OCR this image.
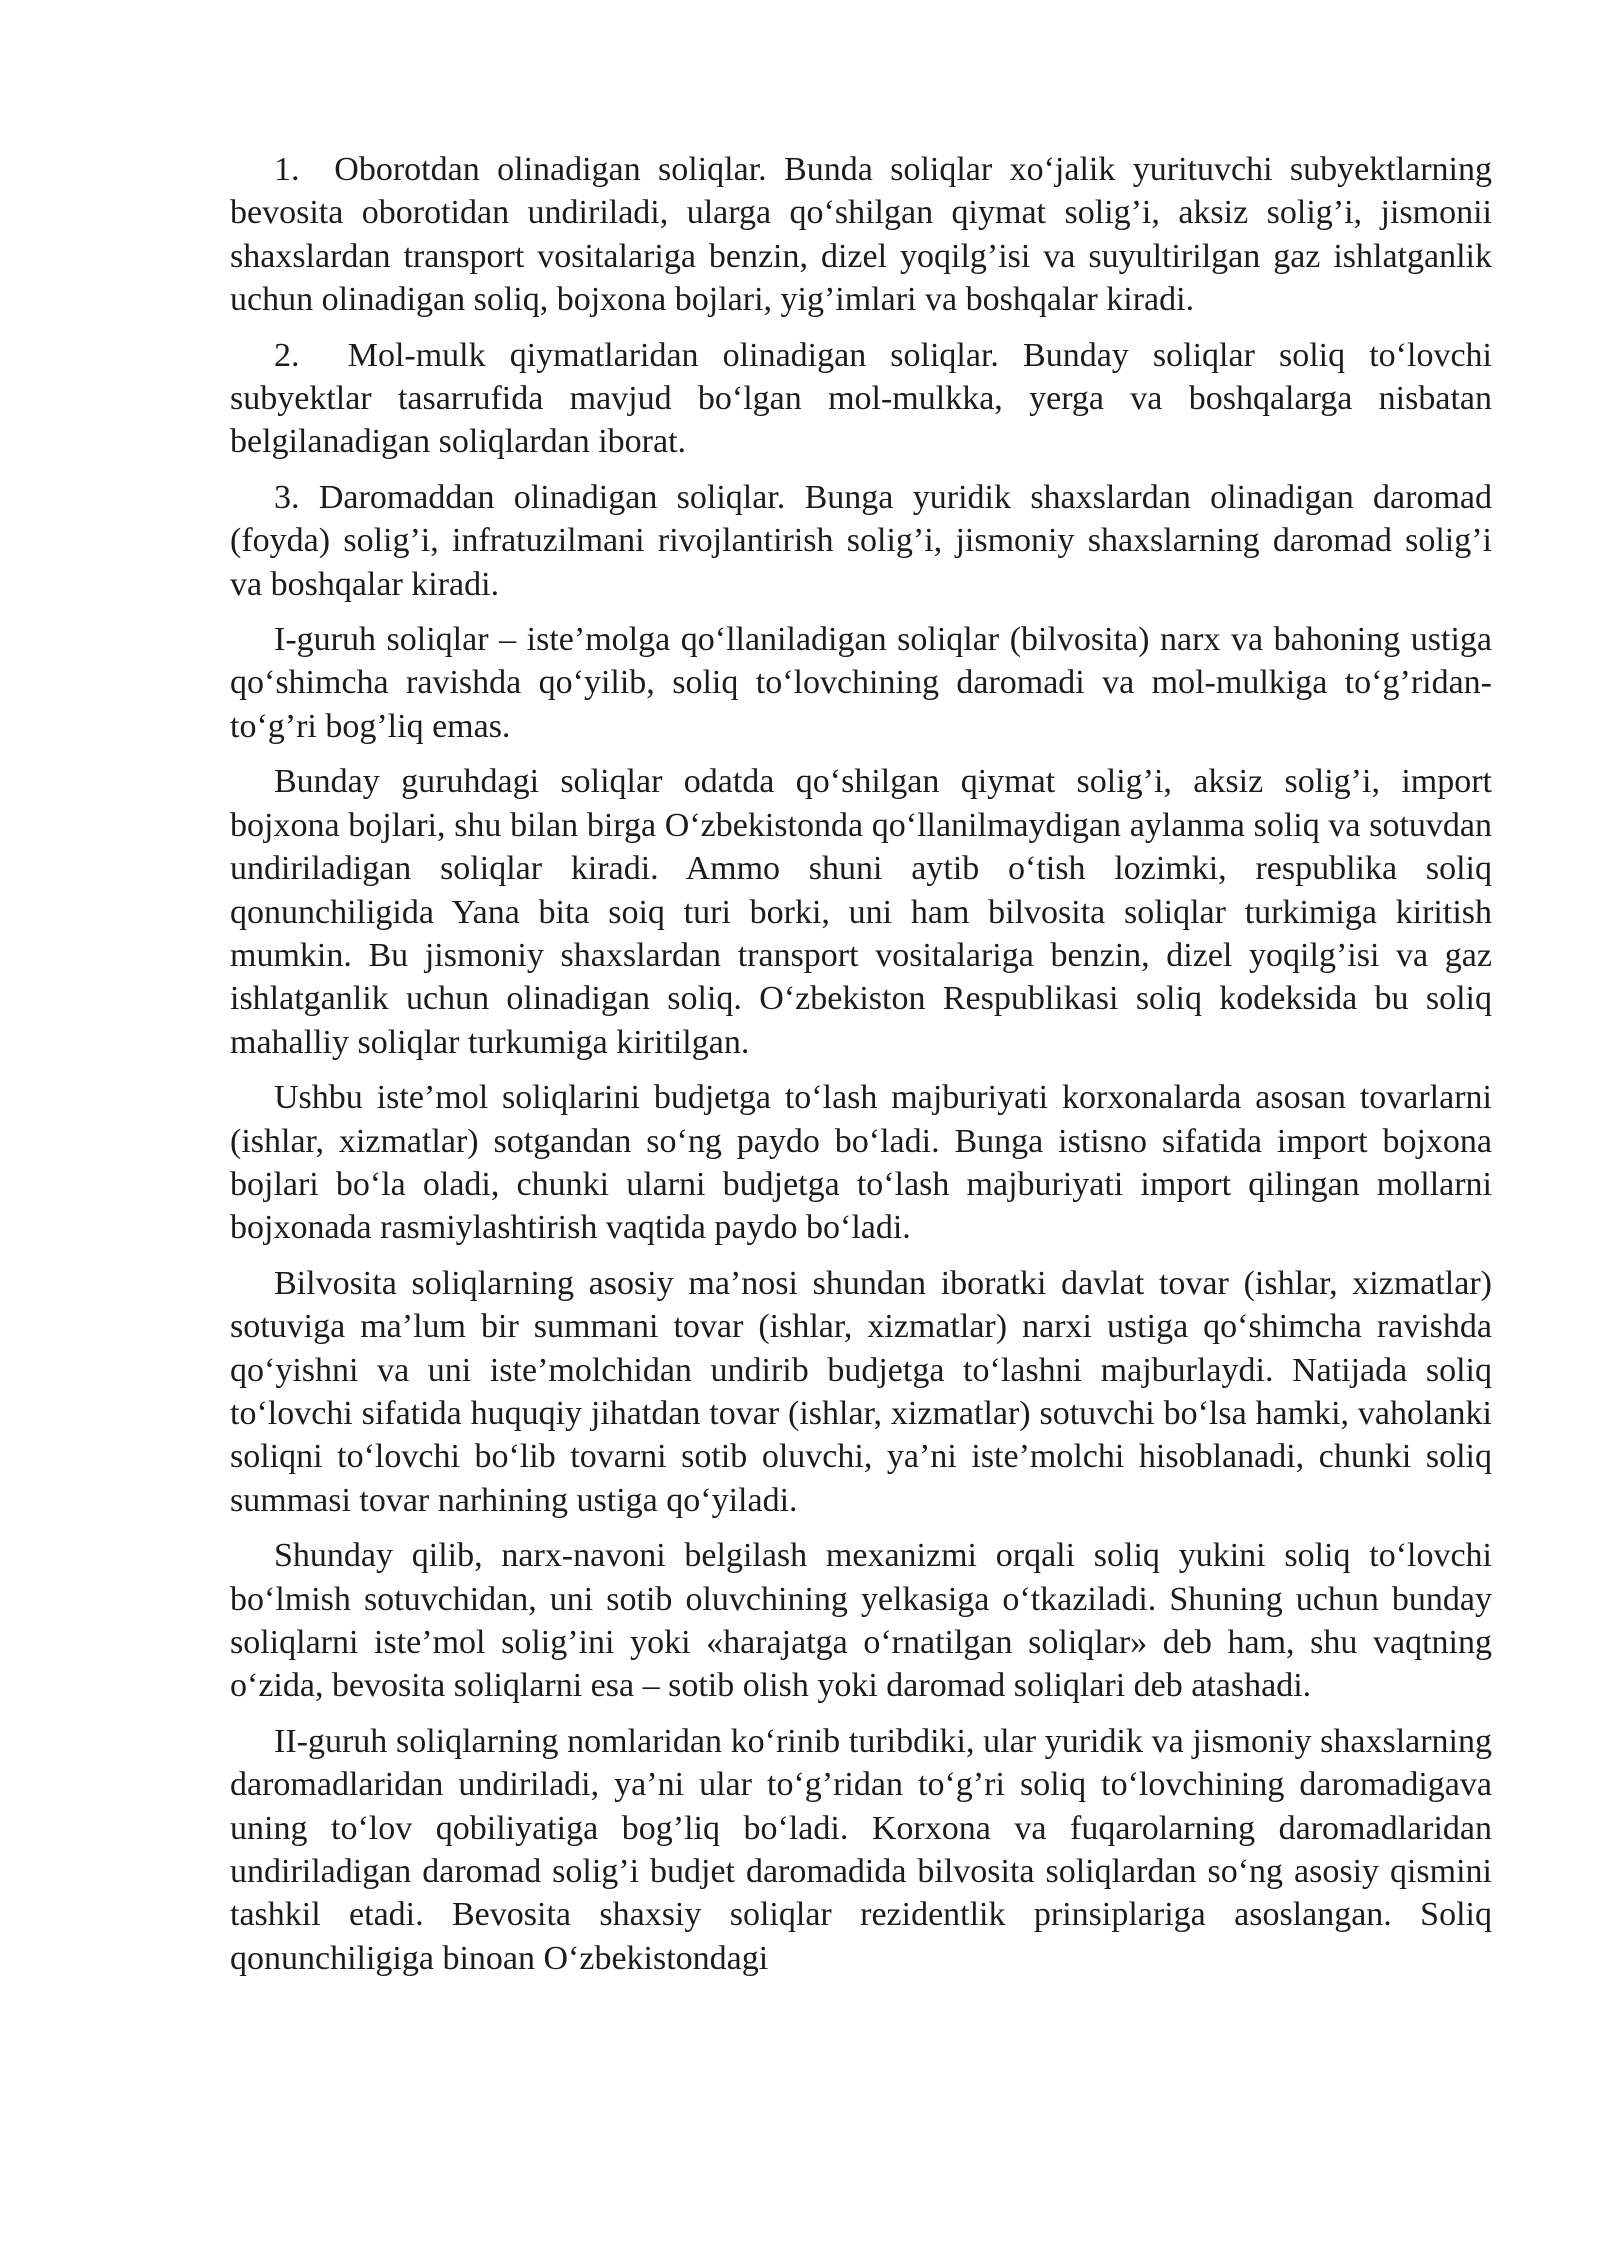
1.  Oborotdan olinadigan soliqlar. Bunda soliqlar xo‘jalik yurituvchi subyektlarning bevosita oborotidan undiriladi, ularga qo‘shilgan qiymat solig’i, aksiz solig’i, jismonii shaxslardan transport vositalariga benzin, dizel yoqilg’isi va suyultirilgan gaz ishlatganlik uchun olinadigan soliq, bojxona bojlari, yig’imlari va boshqalar kiradi.

2.  Mol-mulk qiymatlaridan olinadigan soliqlar. Bunday soliqlar soliq to‘lovchi subyektlar tasarrufida mavjud bo‘lgan mol-mulkka, yerga va boshqalarga nisbatan belgilanadigan soliqlardan iborat.

3. Daromaddan olinadigan soliqlar. Bunga yuridik shaxslardan olinadigan daromad (foyda) solig’i, infratuzilmani rivojlantirish solig’i, jismoniy shaxslarning daromad solig’i va boshqalar kiradi.

I-guruh soliqlar – iste’molga qo‘llaniladigan soliqlar (bilvosita) narx va bahoning ustiga qo‘shimcha ravishda qo‘yilib, soliq to‘lovchining daromadi va mol-mulkiga to‘g’ridan-to‘g’ri bog’liq emas.

Bunday guruhdagi soliqlar odatda qo‘shilgan qiymat solig’i, aksiz solig’i, import bojxona bojlari, shu bilan birga O‘zbekistonda qo‘llanilmaydigan aylanma soliq va sotuvdan undiriladigan soliqlar kiradi. Ammo shuni aytib o‘tish lozimki, respublika soliq qonunchiligida Yana bita soiq turi borki, uni ham bilvosita soliqlar turkimiga kiritish mumkin. Bu jismoniy shaxslardan transport vositalariga benzin, dizel yoqilg’isi va gaz ishlatganlik uchun olinadigan soliq. O‘zbekiston Respublikasi soliq kodeksida bu soliq mahalliy soliqlar turkumiga kiritilgan.

Ushbu iste’mol soliqlarini budjetga to‘lash majburiyati korxonalarda asosan tovarlarni (ishlar, xizmatlar) sotgandan so‘ng paydo bo‘ladi. Bunga istisno sifatida import bojxona bojlari bo‘la oladi, chunki ularni budjetga to‘lash majburiyati import qilingan mollarni bojxonada rasmiylashtirish vaqtida paydo bo‘ladi.

Bilvosita soliqlarning asosiy ma’nosi shundan iboratki davlat tovar (ishlar, xizmatlar) sotuviga ma’lum bir summani tovar (ishlar, xizmatlar) narxi ustiga qo‘shimcha ravishda qo‘yishni va uni iste’molchidan undirib budjetga to‘lashni majburlaydi. Natijada soliq to‘lovchi sifatida huquqiy jihatdan tovar (ishlar, xizmatlar) sotuvchi bo‘lsa hamki, vaholanki soliqni to‘lovchi bo‘lib tovarni sotib oluvchi, ya’ni iste’molchi hisoblanadi, chunki soliq summasi tovar narhining ustiga qo‘yiladi.

Shunday qilib, narx-navoni belgilash mexanizmi orqali soliq yukini soliq to‘lovchi bo‘lmish sotuvchidan, uni sotib oluvchining yelkasiga o‘tkaziladi. Shuning uchun bunday soliqlarni iste’mol solig’ini yoki «harajatga o‘rnatilgan soliqlar» deb ham, shu vaqtning o‘zida, bevosita soliqlarni esa – sotib olish yoki daromad soliqlari deb atashadi.

II-guruh soliqlarning nomlaridan ko‘rinib turibdiki, ular yuridik va jismoniy shaxslarning daromadlaridan undiriladi, ya’ni ular to‘g’ridan to‘g’ri soliq to‘lovchining daromadigava uning to‘lov qobiliyatiga bog’liq bo‘ladi. Korxona va fuqarolarning daromadlaridan undiriladigan daromad solig’i budjet daromadida bilvosita soliqlardan so‘ng asosiy qismini tashkil etadi. Bevosita shaxsiy soliqlar rezidentlik prinsiplariga asoslangan. Soliq qonunchiligiga binoan O‘zbekistondagi
